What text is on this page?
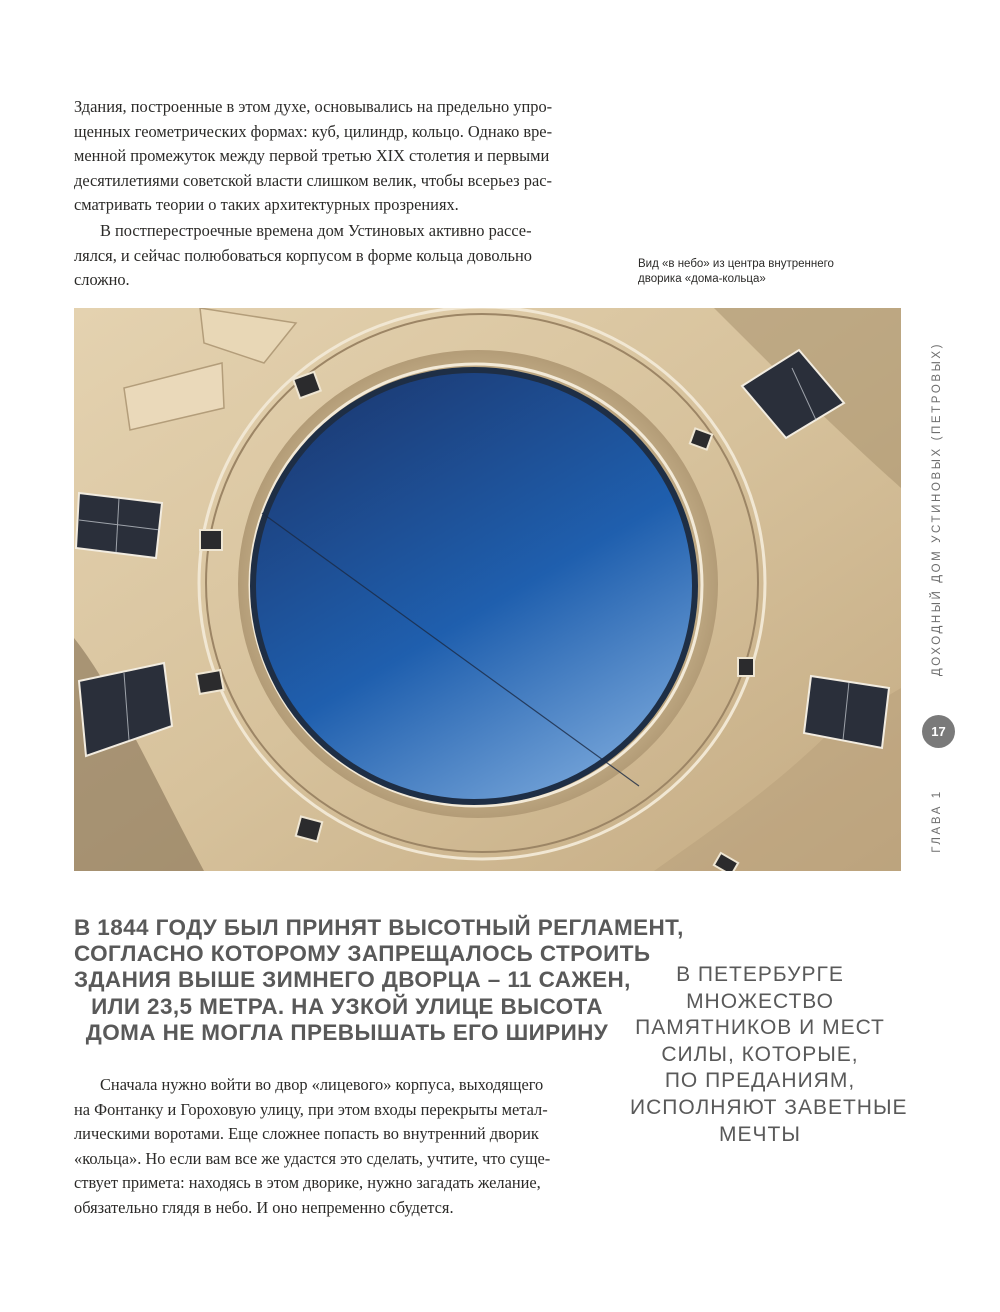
Здания, построенные в этом духе, основывались на предельно упро-
щенных геометрических формах: куб, цилиндр, кольцо. Однако вре-
менной промежуток между первой третью XIX столетия и первыми
десятилетиями советской власти слишком велик, чтобы всерьез рас-
сматривать теории о таких архитектурных прозрениях.
В постперестроечные времена дом Устиновых активно рассе-
лялся, и сейчас полюбоваться корпусом в форме кольца довольно
сложно.
Вид «в небо» из центра внутреннего
дворика «дома-кольца»
ДОХОДНЫЙ ДОМ УСТИНОВЫХ (ПЕТРОВЫХ)
ГЛАВА 1
17
В 1844 ГОДУ БЫЛ ПРИНЯТ ВЫСОТНЫЙ РЕГЛАМЕНТ,
СОГЛАСНО КОТОРОМУ ЗАПРЕЩАЛОСЬ СТРОИТЬ
ЗДАНИЯ ВЫШЕ ЗИМНЕГО ДВОРЦА – 11 САЖЕН,
ИЛИ 23,5 МЕТРА. НА УЗКОЙ УЛИЦЕ ВЫСОТА
ДОМА НЕ МОГЛА ПРЕВЫШАТЬ ЕГО ШИРИНУ
В ПЕТЕРБУРГЕ
МНОЖЕСТВО
ПАМЯТНИКОВ И МЕСТ
СИЛЫ, КОТОРЫЕ,
ПО ПРЕДАНИЯМ,
ИСПОЛНЯЮТ ЗАВЕТНЫЕ
МЕЧТЫ
Сначала нужно войти во двор «лицевого» корпуса, выходящего
на Фонтанку и Гороховую улицу, при этом входы перекрыты метал-
лическими воротами. Еще сложнее попасть во внутренний дворик
«кольца». Но если вам все же удастся это сделать, учтите, что суще-
ствует примета: находясь в этом дворике, нужно загадать желание,
обязательно глядя в небо. И оно непременно сбудется.
